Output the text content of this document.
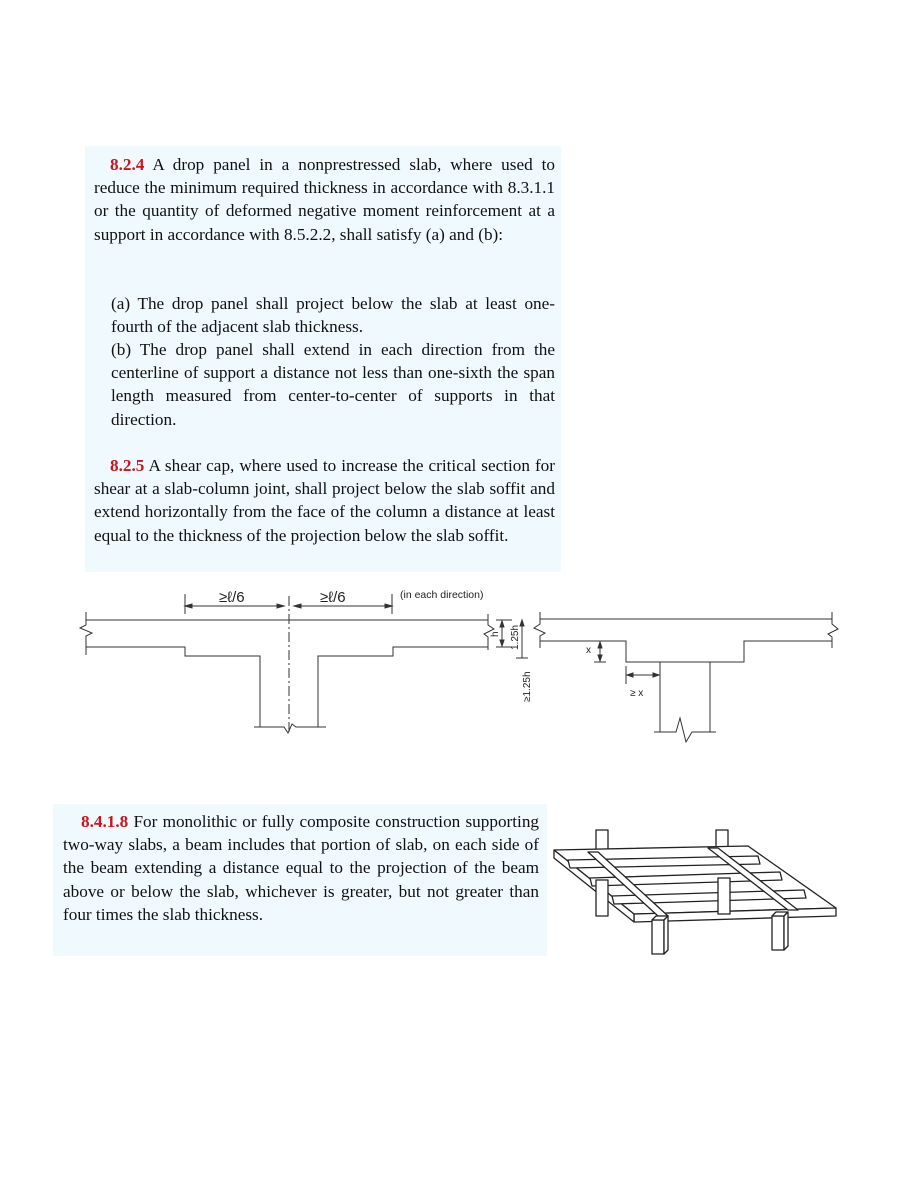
8.2.4 A drop panel in a nonprestressed slab, where used to reduce the minimum required thickness in accordance with 8.3.1.1 or the quantity of deformed negative moment reinforcement at a support in accordance with 8.5.2.2, shall satisfy (a) and (b):

(a) The drop panel shall project below the slab at least one-fourth of the adjacent slab thickness.

(b) The drop panel shall extend in each direction from the centerline of support a distance not less than one-sixth the span length measured from center-to-center of supports in that direction.

8.2.5 A shear cap, where used to increase the critical section for shear at a slab-column joint, shall project below the slab soffit and extend horizontally from the face of the column a distance at least equal to the thickness of the projection below the slab soffit.

8.4.1.8 For monolithic or fully composite construction supporting two-way slabs, a beam includes that portion of slab, on each side of the beam extending a distance equal to the projection of the beam above or below the slab, whichever is greater, but not greater than four times the slab thickness.

≥ℓ/6	≥ℓ/6	(in each direction)
h 1.25h
≥1.25h
x
≥ x
